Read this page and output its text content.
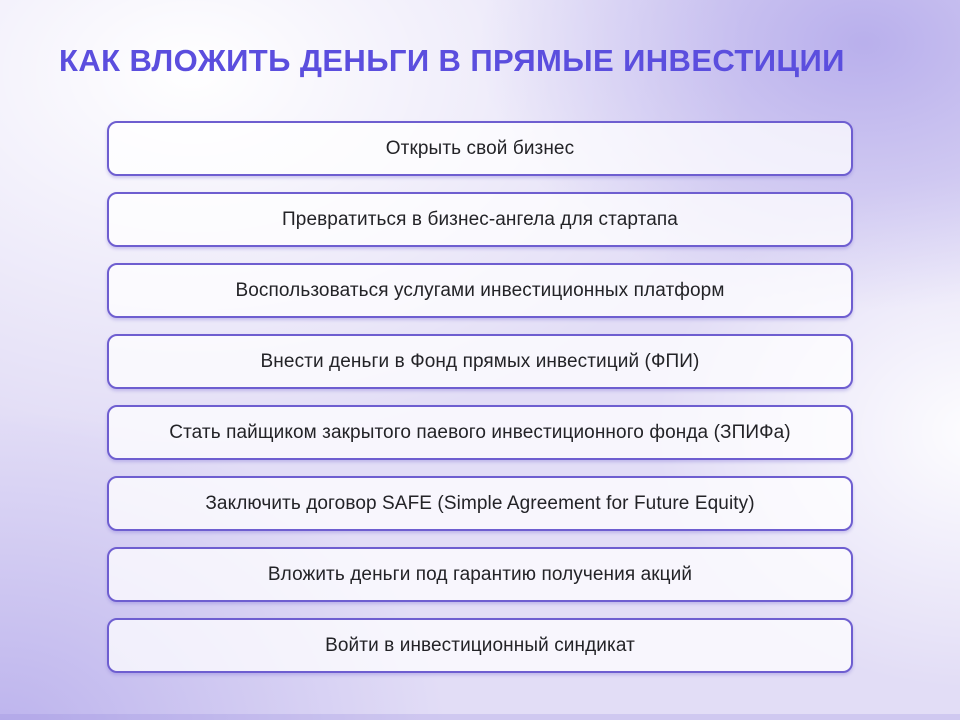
КАК ВЛОЖИТЬ ДЕНЬГИ В ПРЯМЫЕ ИНВЕСТИЦИИ
Открыть свой бизнес
Превратиться в бизнес-ангела для стартапа
Воспользоваться услугами инвестиционных платформ
Внести деньги в Фонд прямых инвестиций (ФПИ)
Стать пайщиком закрытого паевого инвестиционного фонда (ЗПИФа)
Заключить договор SAFE (Simple Agreement for Future Equity)
Вложить деньги под гарантию получения акций
Войти в инвестиционный синдикат
